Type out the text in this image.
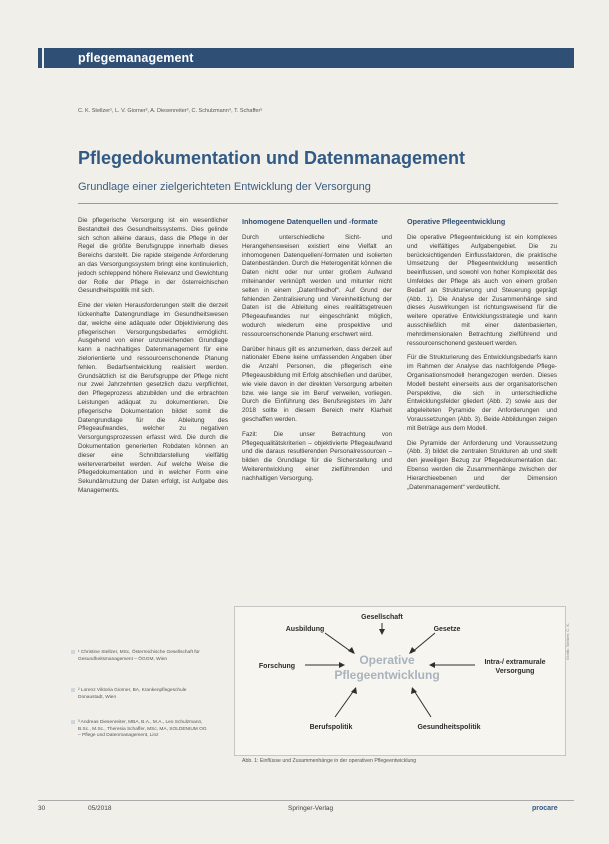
pflegemanagement
C. K. Stellzer¹, L. V. Giorner², A. Diesenreiter³, C. Schulzmann⁴, T. Schaffer⁵
Pflegedokumentation und Datenmanagement
Grundlage einer zielgerichteten Entwicklung der Versorgung

Die pflegerische Versorgung ist ein wesentlicher Bestandteil des Gesundheitssystems. Dies gelinde sich schon alleine daraus, dass die Pflege in der Regel die größte Berufsgruppe innerhalb dieses Bereichs darstellt. Die rapide steigende Anforderung an das Versorgungssystem bringt eine kontinuierlich, jedoch schleppend höhere Relevanz und Gewichtung der Rolle der Pflege in der österreichischen Gesundheitspolitik mit sich.

Eine der vielen Herausforderungen stellt die derzeit lückenhafte Datengrundlage im Gesundheitswesen dar, welche eine adäquate oder Objektivierung des pflegerischen Versorgungsbedarfes ermöglicht. Ausgehend von einer unzureichenden Grundlage kann a nachhaltiges Datenmanagement für eine zielorientierte und ressourcenschonende Planung fehlen. Bedarfsentwicklung realisiert werden. Grundsätzlich ist die Berufsgruppe der Pflege nicht nur zwei Jahrzehnten gesetzlich dazu verpflichtet, den Pflegeprozess abzubilden und die erbrachten Leistungen adäquat zu dokumentieren. Die pflegerische Dokumentation bildet somit die Datengrundlage für die Ableitung des Pflegeaufwandes, welcher zu negativen Versorgungsprozessen erfasst wird. Die durch die Dokumentation generierten Robdaten können an dieser eine Schnittdarstellung vielfältig weiterverarbeitet werden. Auf welche Weise die Pflegedokumentation und in welcher Form eine Sekundärnutzung der Daten erfolgt, ist Aufgabe des Managements.

Inhomogene Datenquellen und -formate

Durch unterschiedliche Sicht- und Herangehensweisen existiert eine Vielfalt an inhomogenen Datenquellen/-formaten und isolierten Datenbeständen. Durch die Heterogenität können die Daten nicht oder nur unter großem Aufwand miteinander verknüpft werden und mitunter nicht selten in einem „Datenfriedhof“. Auf Grund der fehlenden Zentralisierung und Vereinheitlichung der Daten ist die Ableitung eines realitätsgetreuen Pflegeaufwandes nur eingeschränkt möglich, wodurch wiederum eine prospektive und ressourcenschonende Planung erschwert wird.

Darüber hinaus gilt es anzumerken, dass derzeit auf nationaler Ebene keine umfassenden Angaben über die Anzahl Personen, die pflegerisch eine Pflegeausbildung mit Erfolg abschließen und darüber, wie viele davon in der direkten Versorgung arbeiten bzw. wie lange sie im Beruf verweilen, vorliegen. Durch die Einführung des Berufsregisters im Jahr 2018 sollte in diesem Bereich mehr Klarheit geschaffen werden.

Fazit: Die unser Betrachtung von Pflegequalitätskriterien – objektivierte Pflegeaufwand und die daraus resultierenden Personalressourcen – bilden die Grundlage für die Sicherstellung und Weiterentwicklung einer zielführenden und nachhaltigen Versorgung.

Operative Pflegeentwicklung

Die operative Pflegeentwicklung ist ein komplexes und vielfältiges Aufgabengebiet. Die zu berücksichtigenden Einflussfaktoren, die praktische Umsetzung der Pflegeentwicklung wesentlich beeinflussen, und sowohl von hoher Komplexität des Umfeldes der Pflege als auch von einem großen Bedarf an Strukturierung und Steuerung geprägt (Abb. 1). Die Analyse der Zusammenhänge sind dieses Auswirkungen ist richtungsweisend für die weitere operative Entwicklungsstrategie und kann ausschließlich mit einer datenbasierten, mehrdimensionalen Betrachtung zielführend und ressourcenschonend gesteuert werden.

Für die Strukturierung des Entwicklungsbedarfs kann im Rahmen der Analyse das nachfolgende Pflege-Organisationsmodell herangezogen werden. Dieses Modell besteht einerseits aus der organisatorischen Perspektive, die sich in unterschiedliche Entwicklungsfelder gliedert (Abb. 2) sowie aus der abgeleiteten Pyramide der Anforderungen und Voraussetzungen (Abb. 3). Beide Abbildungen zeigen mit Beträge aus dem Modell.

Die Pyramide der Anforderung und Voraussetzung (Abb. 3) bildet die zentralen Strukturen ab und stellt den jeweiligen Bezug zur Pflegedokumentation dar. Ebenso werden die Zusammenhänge zwischen der Hierarchieebenen und der Dimension „Datenmanagement“ verdeutlicht.

¹ Christine Stellzer, MSc, Österreichische Gesellschaft für Gesundheitsmanagement – ÖGGM, Wien
² Lorenz Viktoria Giorner, BA, Krankenpflegeschule Donaustadt, Wien
³ Andreas Diesenreiter, MBA, B.A., M.A., Leo Schulzmann, B.Sc., M.Sc., Theresia Schaffer, MSc, MA, SOLDENIUM OG – Pflege und Datenmanagement, Linz
Gesellschaft
Ausbildung	Gesetze
Forschung
Intra-/ extramurale
Versorgung
Operative
Pflegeentwicklung
Berufspolitik	Gesundheitspolitik
Grafik: Stellzer, C. K.
Abb. 1: Einflüsse und Zusammenhänge in der operativen Pflegeentwicklung
30	05/2018	Springer-Verlag	procare
